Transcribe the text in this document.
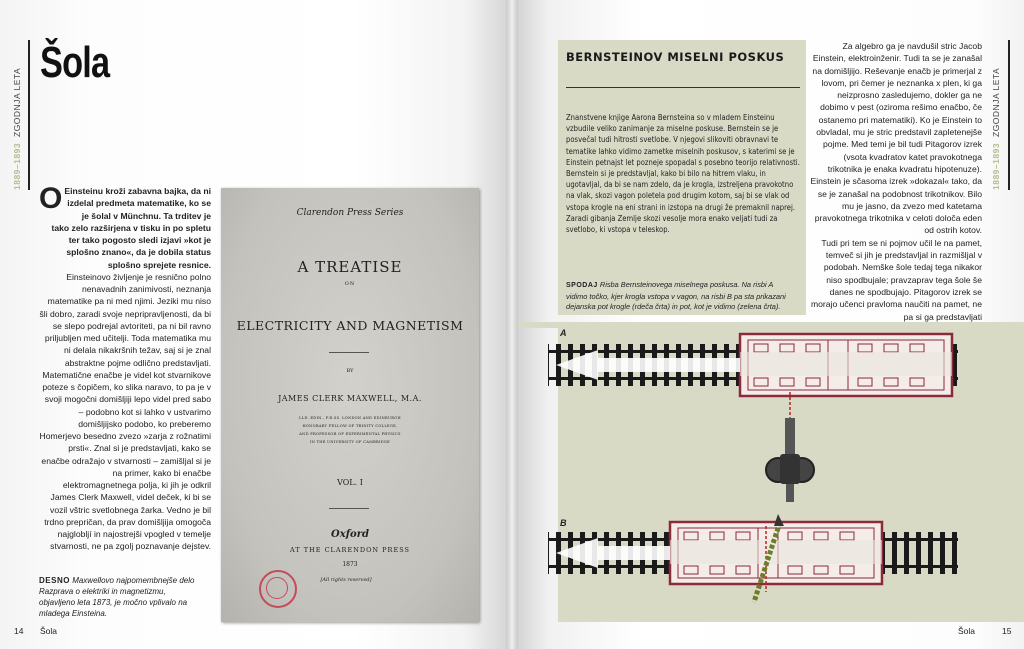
1889–1893
ZGODNJA LETA
Šola

O Einsteinu kroži zabavna bajka, da ni izdelal predmeta matematike, ko se je šolal v Münchnu. Ta trditev je tako zelo razširjena v tisku in po spletu ter tako pogosto sledi izjavi »kot je splošno znano«, da je dobila status splošno sprejete resnice.

Einsteinovo življenje je resnično polno nenavadnih zanimivosti, neznanja matematike pa ni med njimi. Jeziki mu niso šli dobro, zaradi svoje nepripravljenosti, da bi se slepo podrejal avtoriteti, pa ni bil ravno priljubljen med učitelji. Toda matematika mu ni delala nikakršnih težav, saj si je znal abstraktne pojme odlično predstavljati. Matematične enačbe je videl kot stvarnikove poteze s čopičem, ko slika naravo, to pa je v svoji mogočni domišljiji lepo videl pred sabo – podobno kot si lahko v ustvarimo domišljijsko podobo, ko preberemo Homerjevo besedno zvezo »zarja z rožnatimi prsti«. Znal si je predstavljati, kako se enačbe odražajo v stvarnosti – zamišljal si je na primer, kako bi enačbe elektromagnetnega polja, ki jih je odkril James Clerk Maxwell, videl deček, ki bi se vozil vštric svetlobnega žarka. Vedno je bil trdno prepričan, da prav domišljija omogoča najglobljí in najostrejši vpogled v temelje stvarnosti, ne pa zgolj poznavanje dejstev.

DESNO Maxwellovo najpomembnejše delo Razprava o elektriki in magnetizmu, objavljeno leta 1873, je močno vplivalo na mladega Einsteina.
Clarendon Press Series
A TREATISE
ON
ELECTRICITY AND MAGNETISM
BY
JAMES CLERK MAXWELL, M.A.
LLD. EDIN., F.R.SS. LONDON AND EDINBURGH
HONORARY FELLOW OF TRINITY COLLEGE,
AND PROFESSOR OF EXPERIMENTAL PHYSICS
IN THE UNIVERSITY OF CAMBRIDGE
VOL. I
Oxford
AT THE CLARENDON PRESS
1873
[All rights reserved]
14 Šola
1889–1893
ZGODNJA LETA
BERNSTEINOV MISELNI POSKUS
Znanstvene knjige Aarona Bernsteina so v mladem Einsteinu vzbudile veliko zanimanje za miselne poskuse. Bernstein se je posvečal tudi hitrosti svetlobe. V njegovi slikoviti obravnavi te tematike lahko vidimo zametke miselnih poskusov, s katerimi se je Einstein petnajst let pozneje spopadal s posebno teorijo relativnosti. Bernstein si je predstavljal, kako bi bilo na hitrem vlaku, in ugotavljal, da bi se nam zdelo, da je krogla, izstreljena pravokotno na vlak, skozi vagon poletela pod drugim kotom, saj bi se vlak od vstopa krogle na eni strani in izstopa na drugi že premaknil naprej. Zaradi gibanja Zemlje skozi vesolje mora enako veljati tudi za svetlobo, ki vstopa v teleskop.
SPODAJ Risba Bernsteinovega miselnega poskusa. Na risbi A vidimo točko, kjer krogla vstopa v vagon, na risbi B pa sta prikazani dejanska pot krogle (rdeča črta) in pot, kot je vidimo (zelena črta).

Za algebro ga je navdušil stric Jacob Einstein, elektroinženir. Tudi ta se je zanašal na domišljijo. Reševanje enačb je primerjal z lovom, pri čemer je neznanka x plen, ki ga neizprosno zasledujemo, dokler ga ne dobimo v pest (oziroma rešimo enačbo, če ostanemo pri matematiki). Ko je Einstein to obvladal, mu je stric predstavil zapletenejše pojme. Med temi je bil tudi Pitagorov izrek (vsota kvadratov katet pravokotnega trikotnika je enaka kvadratu hipotenuze). Einstein je sčasoma izrek »dokazal« tako, da se je zanašal na podobnost trikotnikov. Bilo mu je jasno, da zvezo med katetama pravokotnega trikotnika v celoti določa eden od ostrih kotov.

Tudi pri tem se ni pojmov učil le na pamet, temveč si jih je predstavljal in razmišljal v podobah. Nemške šole tedaj tega nikakor niso spodbujale; pravzaprav tega šole še danes ne spodbujajo. Pitagorov izrek se morajo učenci pravloma naučiti na pamet, ne pa si ga predstavljati

A
B
Šola	15
